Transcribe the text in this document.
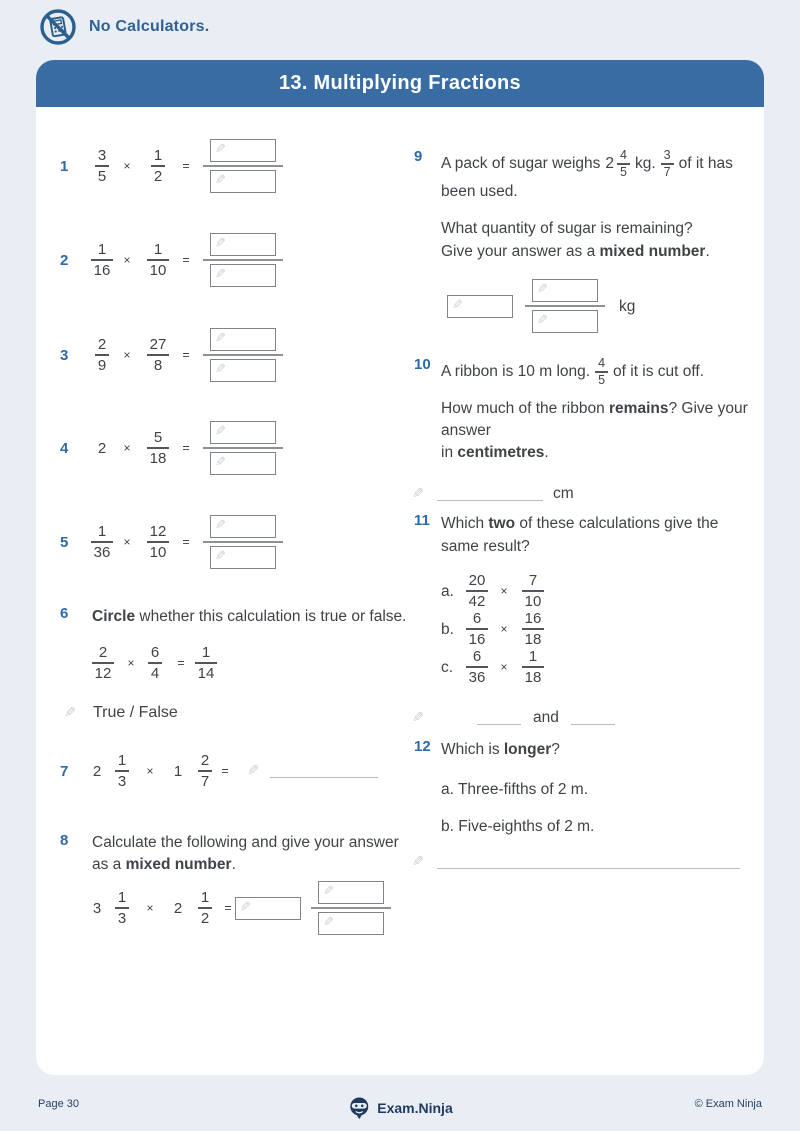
No Calculators.
13. Multiplying Fractions
1	$\frac{3}{5} \times \frac{1}{2}$ =
✎
✎
2	$\frac{1}{16} \times \frac{1}{10}$ =
✎
✎
3	$\frac{2}{9} \times \frac{27}{8}$ =
✎
✎
4	$2 \times \frac{5}{18}$ =
✎
✎
5	$\frac{1}{36} \times \frac{12}{10}$ =
✎
✎
6	Circle whether this calculation is true or false.
$\frac{2}{12} \times \frac{6}{4} = \frac{1}{14}$
✎ True / False
7	$2 \frac{1}{3} \times 1 \frac{2}{7}$ = ✎
8	Calculate the following and give your answer as a mixed number.
$3 \frac{1}{3} \times 2 \frac{1}{2}$ = ✎
✎
✎
9	A pack of sugar weighs $2 \frac{4}{5}$ kg. $\frac{3}{7}$ of it has
been used.
What quantity of sugar is remaining?
Give your answer as a mixed number.
✎
✎
✎
kg
10 A ribbon is 10 m long. $\frac{4}{5}$ of it is cut off.
How much of the ribbon remains? Give your answer
in centimetres.
✎	cm
11 Which two of these calculations give the same result?
a. $\frac{20}{42} \times \frac{7}{10}$
b. $\frac{6}{16} \times \frac{16}{18}$
c. $\frac{6}{36} \times \frac{1}{18}$
✎	and
12 Which is longer?
a. Three-fifths of 2 m.
b. Five-eighths of 2 m.
✎
Page 30	Exam.Ninja	© Exam Ninja
